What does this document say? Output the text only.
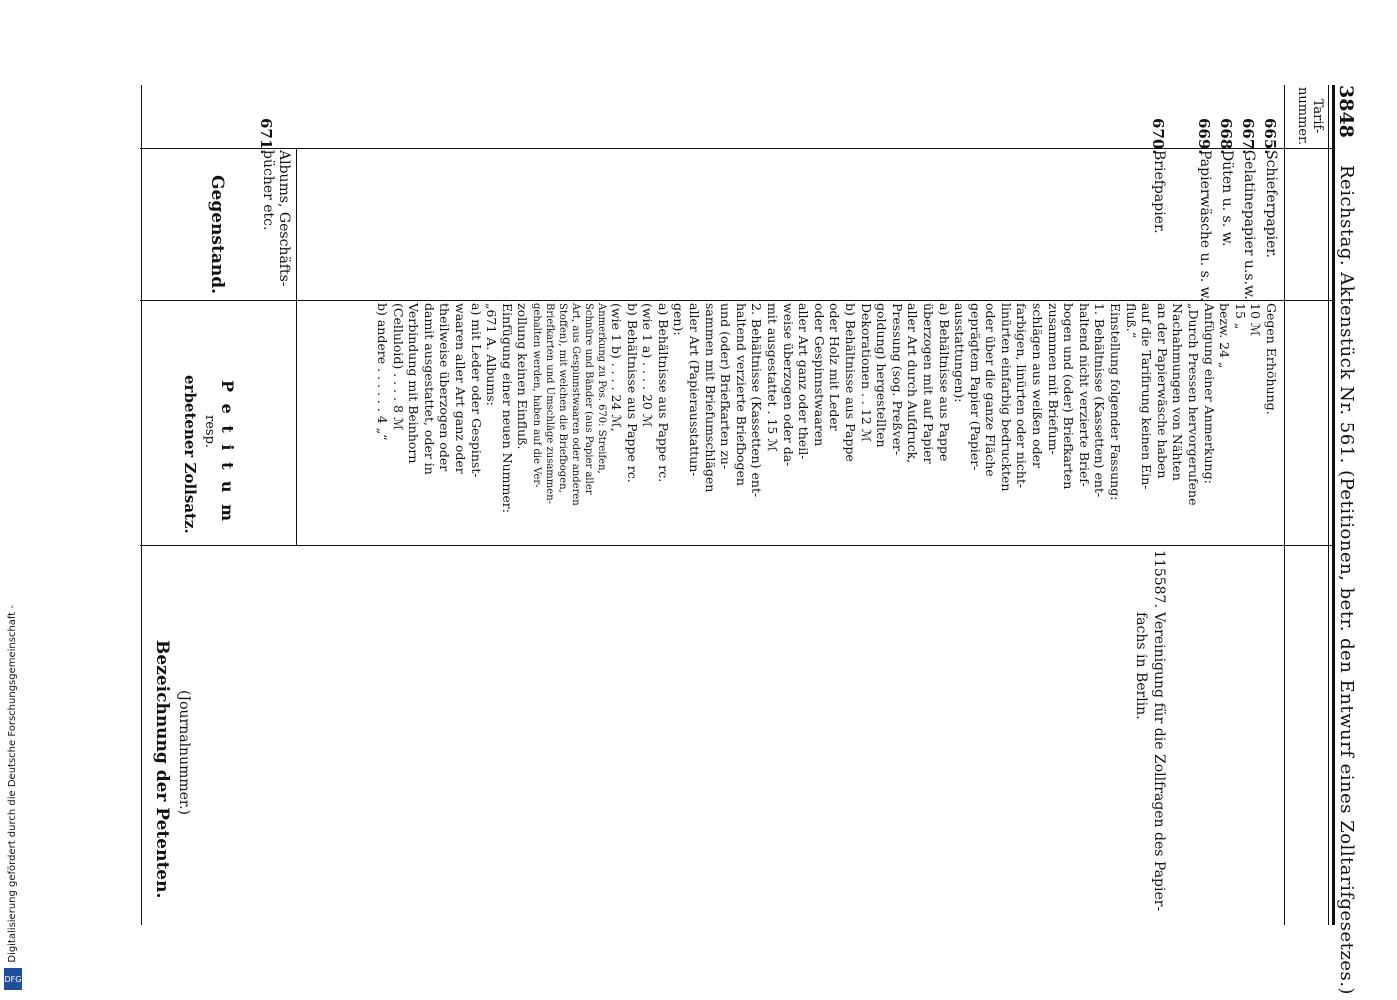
Digitalisierung gefördert durch die Deutsche Forschungsgemeinschaft -
DFG
3848
Reichstag. Aktenstück Nr. 561. (Petitionen, betr. den Entwurf eines Zolltarifgesetzes.)
Tarif-
nummer.
Gegenstand.
P e t i t u m
resp.
erbetener Zollsatz.
Bezeichnung der Petenten. (Journalnummer.)
665.
667.
668.
669.
670.
671.
Schieferpapier.
Gelatinepapier u.s.w.
Düten u. s. w.
Papierwäsche u. s. w.
Briefpapier.
Albums, Geschäfts-
bücher etc.
Gegen Erhöhung.
10 ℳ
15 „
bezw. 24 „
Anfügung einer Anmerkung:
„Durch Pressen hervorgerufene
Nachahmungen von Nähten
an der Papierwäsche haben
auf die Tarifirung keinen Ein-
fluß.“
Einstellung folgender Fassung:
1. Behältnisse (Kassetten) ent-
haltend nicht verzierte Brief-
bogen und (oder) Briefkarten
zusammen mit Briefum-
schlägen aus weißen oder
farbigen, linürten oder nicht-
linürten einfarbig bedruckten
oder über die ganze Fläche
geprägtem Papier (Papier-
ausstattungen):
a) Behältnisse aus Pappe
überzogen mit auf Papier
aller Art durch Aufdruck,
Pressung (sog. Preßver-
goldung) hergestellten
Dekorationen . . 12 ℳ
b) Behältnisse aus Pappe
oder Holz mit Leder
oder Gespinnstwaaren
aller Art ganz oder theil-
weise überzogen oder da-
mit ausgestattet . 15 ℳ
2. Behältnisse (Kassetten) ent-
haltend verzierte Briefbogen
und (oder) Briefkarten zu-
sammen mit Briefumschlägen
aller Art (Papierausstattun-
gen):
a) Behältnisse aus Pappe rc.
(wie 1 a) . . . . 20 ℳ
b) Behältnisse aus Pappe rc.
(wie 1 b) . . . . 24 ℳ,
Anmerkung zu Pos. 670: Streifen,
Schnüre und Bänder (aus Papier aller
Art, aus Gespinnstwaaren oder anderen
Stoffen), mit welchen die Briefbogen,
Briefkarten und Umschläge zusammen-
gehalten werden, haben auf die Ver-
zollung keinen Einfluß.
Einfügung einer neuen Nummer:
„671 A. Albums:
a) mit Leder oder Gespinst-
waaren aller Art ganz oder
theilweise überzogen oder
damit ausgestattet, oder in
Verbindung mit Beinhorn
(Celluloid) . . . . 8 ℳ
b) andere . . . . . . 4 „“
115587.
Vereinigung für die Zollfragen des Papier-
fachs in Berlin.
